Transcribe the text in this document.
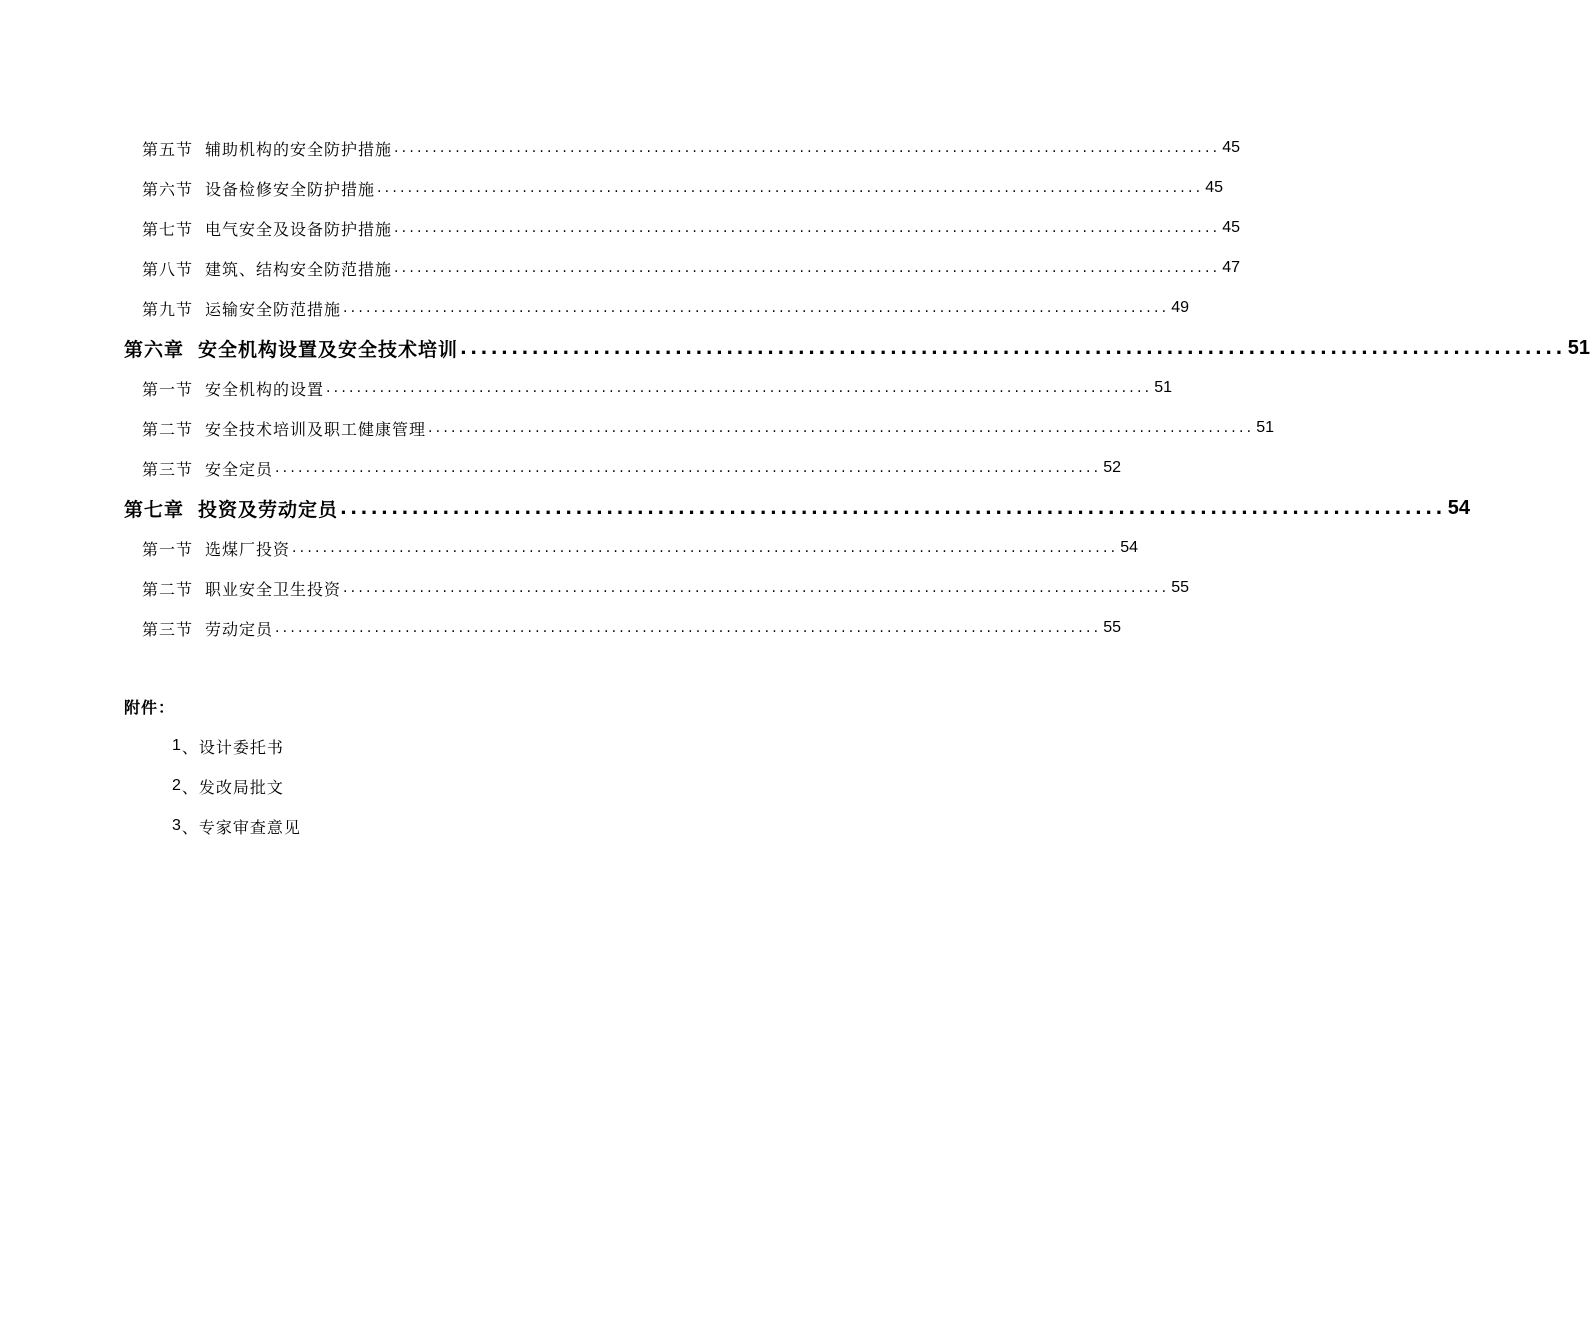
第五节 辅助机构的安全防护措施 ............................................................................................................ 45
第六节 设备检修安全防护措施 ............................................................................................................ 45
第七节 电气安全及设备防护措施 ............................................................................................................ 45
第八节 建筑、结构安全防范措施 ............................................................................................................ 47
第九节 运输安全防范措施 ............................................................................................................ 49
第六章 安全机构设置及安全技术培训 ............................................................................................................ 51
第一节 安全机构的设置 ............................................................................................................ 51
第二节 安全技术培训及职工健康管理 ............................................................................................................ 51
第三节 安全定员 ............................................................................................................ 52
第七章 投资及劳动定员 ............................................................................................................ 54
第一节 选煤厂投资 ............................................................................................................ 54
第二节 职业安全卫生投资 ............................................................................................................ 55
第三节 劳动定员 ............................................................................................................ 55
附件：
1 、 设计委托书
2 、 发改局批文
3 、 专家审查意见
